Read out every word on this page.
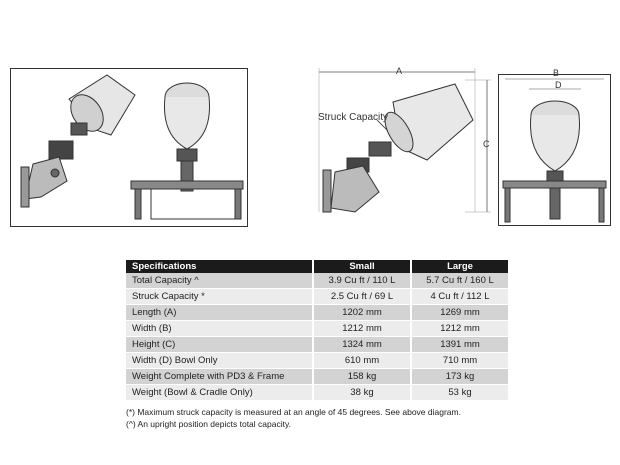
Struck Capacity
A	B
C
D
Specifications	Small	Large
Total Capacity ^	3.9 Cu ft / 110 L	5.7 Cu ft / 160 L
Struck Capacity *	2.5 Cu ft / 69 L	4 Cu ft / 112 L
Length (A)	1202 mm	1269 mm
Width (B)	1212 mm	1212 mm
Height (C)	1324 mm	1391 mm
Width (D) Bowl Only	610 mm	710 mm
Weight Complete with PD3 & Frame	158 kg	173 kg
Weight (Bowl & Cradle Only)	38 kg	53 kg
(*) Maximum struck capacity is measured at an angle of 45 degrees. See above diagram.
(^) An upright position depicts total capacity.
